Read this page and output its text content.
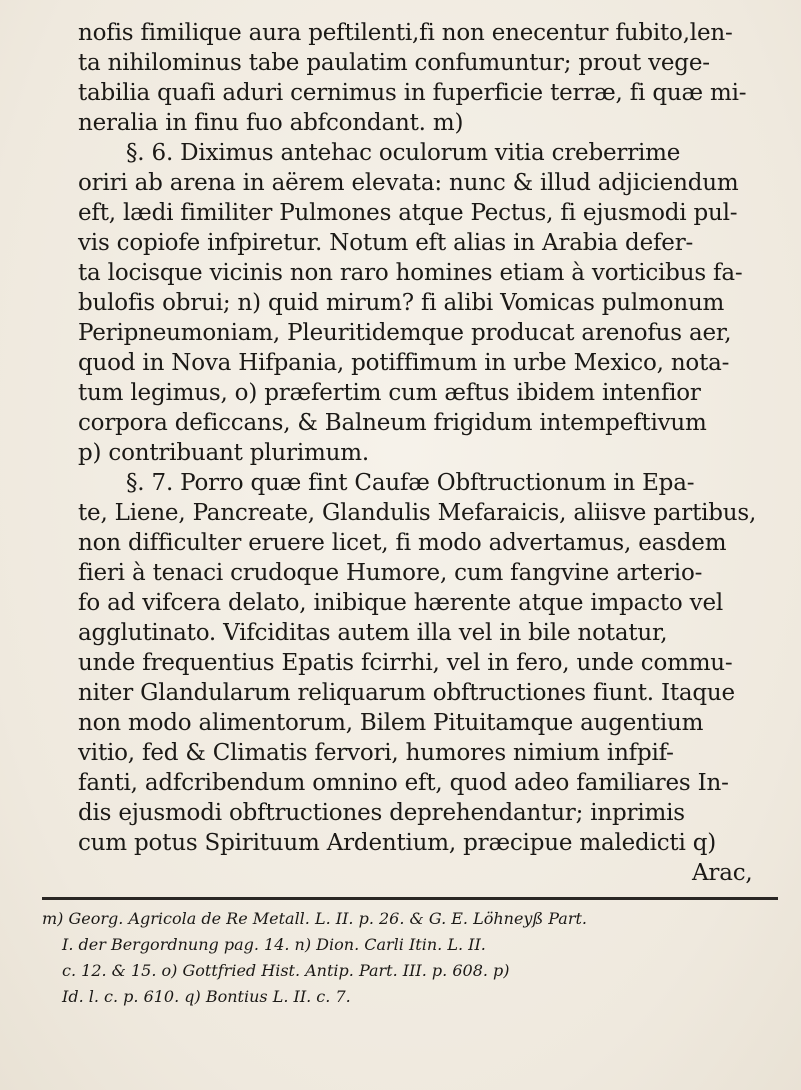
nofis fimilique aura peftilenti,fi non enecentur fubito,len-
ta nihilominus tabe paulatim confumuntur; prout vege-
tabilia quafi aduri cernimus in fuperficie terræ, fi quæ mi-
neralia in finu fuo abfcondant. m)
§. 6. Diximus antehac oculorum vitia creberrime
oriri ab arena in aërem elevata: nunc & illud adjiciendum
eft, lædi fimiliter Pulmones atque Pectus, fi ejusmodi pul-
vis copiofe infpiretur. Notum eft alias in Arabia defer-
ta locisque vicinis non raro homines etiam à vorticibus fa-
bulofis obrui; n) quid mirum? fi alibi Vomicas pulmonum
Peripneumoniam, Pleuritidemque producat arenofus aer,
quod in Nova Hifpania, potiffimum in urbe Mexico, nota-
tum legimus, o) præfertim cum æftus ibidem intenfior
corpora deficcans, & Balneum frigidum intempeftivum
p) contribuant plurimum.
§. 7. Porro quæ fint Caufæ Obftructionum in Epa-
te, Liene, Pancreate, Glandulis Mefaraicis, aliisve partibus,
non difficulter eruere licet, fi modo advertamus, easdem
fieri à tenaci crudoque Humore, cum fangvine arterio-
fo ad vifcera delato, inibique hærente atque impacto vel
agglutinato. Vifciditas autem illa vel in bile notatur,
unde frequentius Epatis fcirrhi, vel in fero, unde commu-
niter Glandularum reliquarum obftructiones fiunt. Itaque
non modo alimentorum, Bilem Pituitamque augentium
vitio, fed & Climatis fervori, humores nimium infpif-
fanti, adfcribendum omnino eft, quod adeo familiares In-
dis ejusmodi obftructiones deprehendantur; inprimis
cum potus Spirituum Ardentium, præcipue maledicti q)
Arac,
m) Georg. Agricola de Re Metall. L. II. p. 26. & G. E. Löhneyß Part.
I. der Bergordnung pag. 14. n) Dion. Carli Itin. L. II.
c. 12. & 15. o) Gottfried Hist. Antip. Part. III. p. 608. p)
Id. l. c. p. 610. q) Bontius L. II. c. 7.
